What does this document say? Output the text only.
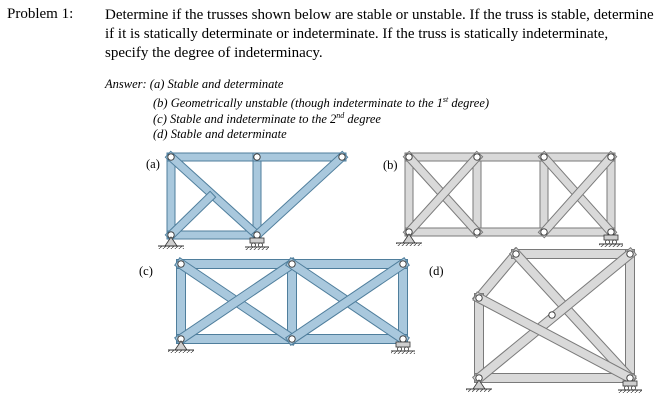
Problem 1: Determine if the trusses shown below are stable or unstable. If the truss is stable, determine if it is statically determinate or indeterminate. If the truss is statically indeterminate, specify the degree of indeterminacy.
Answer: (a) Stable and determinate
(b) Geometrically unstable (though indeterminate to the 1st degree)
(c) Stable and indeterminate to the 2nd degree
(d) Stable and determinate
(a)	(b)
(c)	(d)
